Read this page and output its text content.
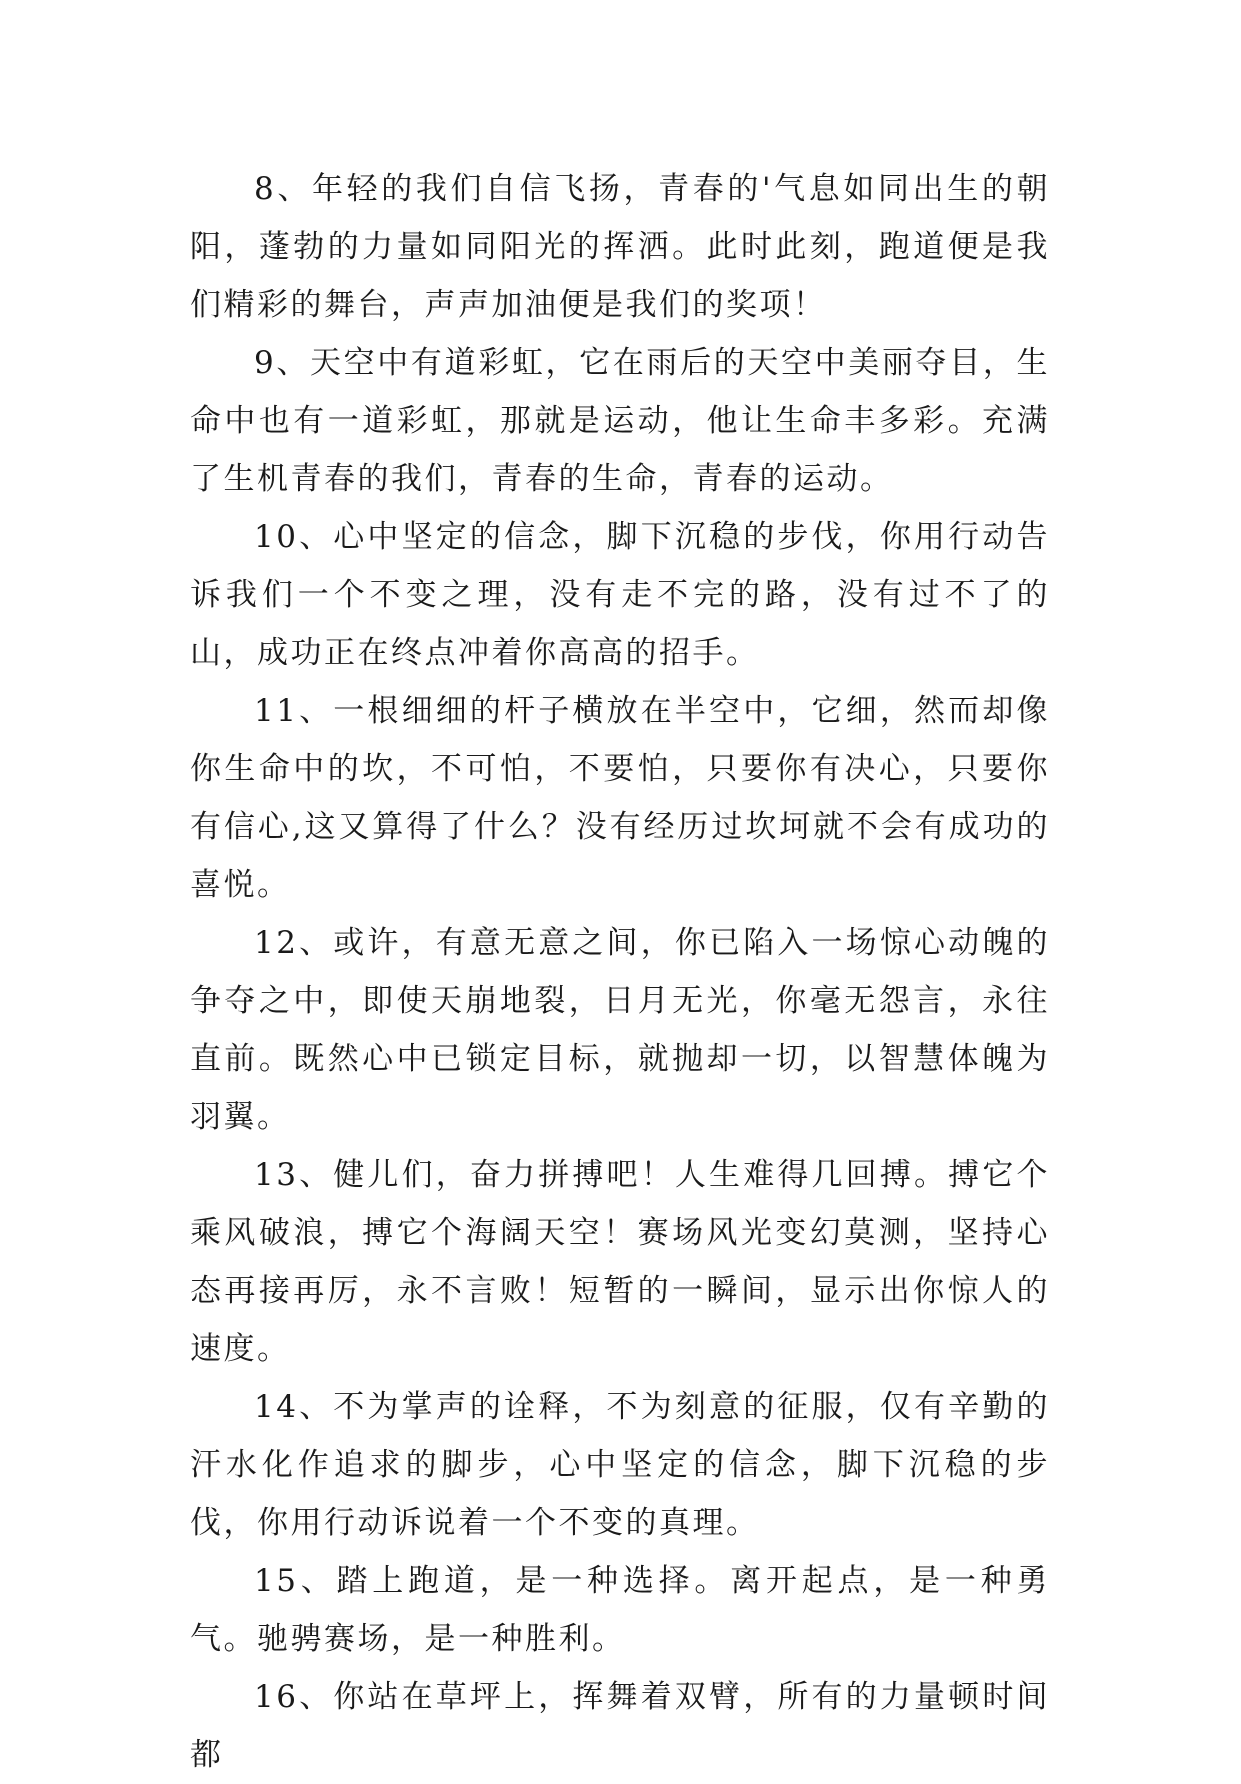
8、年轻的我们自信飞扬，青春的'气息如同出生的朝阳，蓬勃的力量如同阳光的挥洒。此时此刻，跑道便是我们精彩的舞台，声声加油便是我们的奖项！

9、天空中有道彩虹，它在雨后的天空中美丽夺目，生命中也有一道彩虹，那就是运动，他让生命丰多彩。充满了生机青春的我们，青春的生命，青春的运动。

10、心中坚定的信念，脚下沉稳的步伐，你用行动告诉我们一个不变之理，没有走不完的路，没有过不了的山，成功正在终点冲着你高高的招手。

11、一根细细的杆子横放在半空中，它细，然而却像你生命中的坎，不可怕，不要怕，只要你有决心，只要你有信心,这又算得了什么？没有经历过坎坷就不会有成功的喜悦。

12、或许，有意无意之间，你已陷入一场惊心动魄的争夺之中，即使天崩地裂，日月无光，你毫无怨言，永往直前。既然心中已锁定目标，就抛却一切，以智慧体魄为羽翼。

13、健儿们，奋力拼搏吧！人生难得几回搏。搏它个乘风破浪，搏它个海阔天空！赛场风光变幻莫测，坚持心态再接再厉，永不言败！短暂的一瞬间，显示出你惊人的速度。

14、不为掌声的诠释，不为刻意的征服，仅有辛勤的汗水化作追求的脚步，心中坚定的信念，脚下沉稳的步伐，你用行动诉说着一个不变的真理。

15、踏上跑道，是一种选择。离开起点，是一种勇气。驰骋赛场，是一种胜利。

16、你站在草坪上，挥舞着双臂，所有的力量顿时间都
